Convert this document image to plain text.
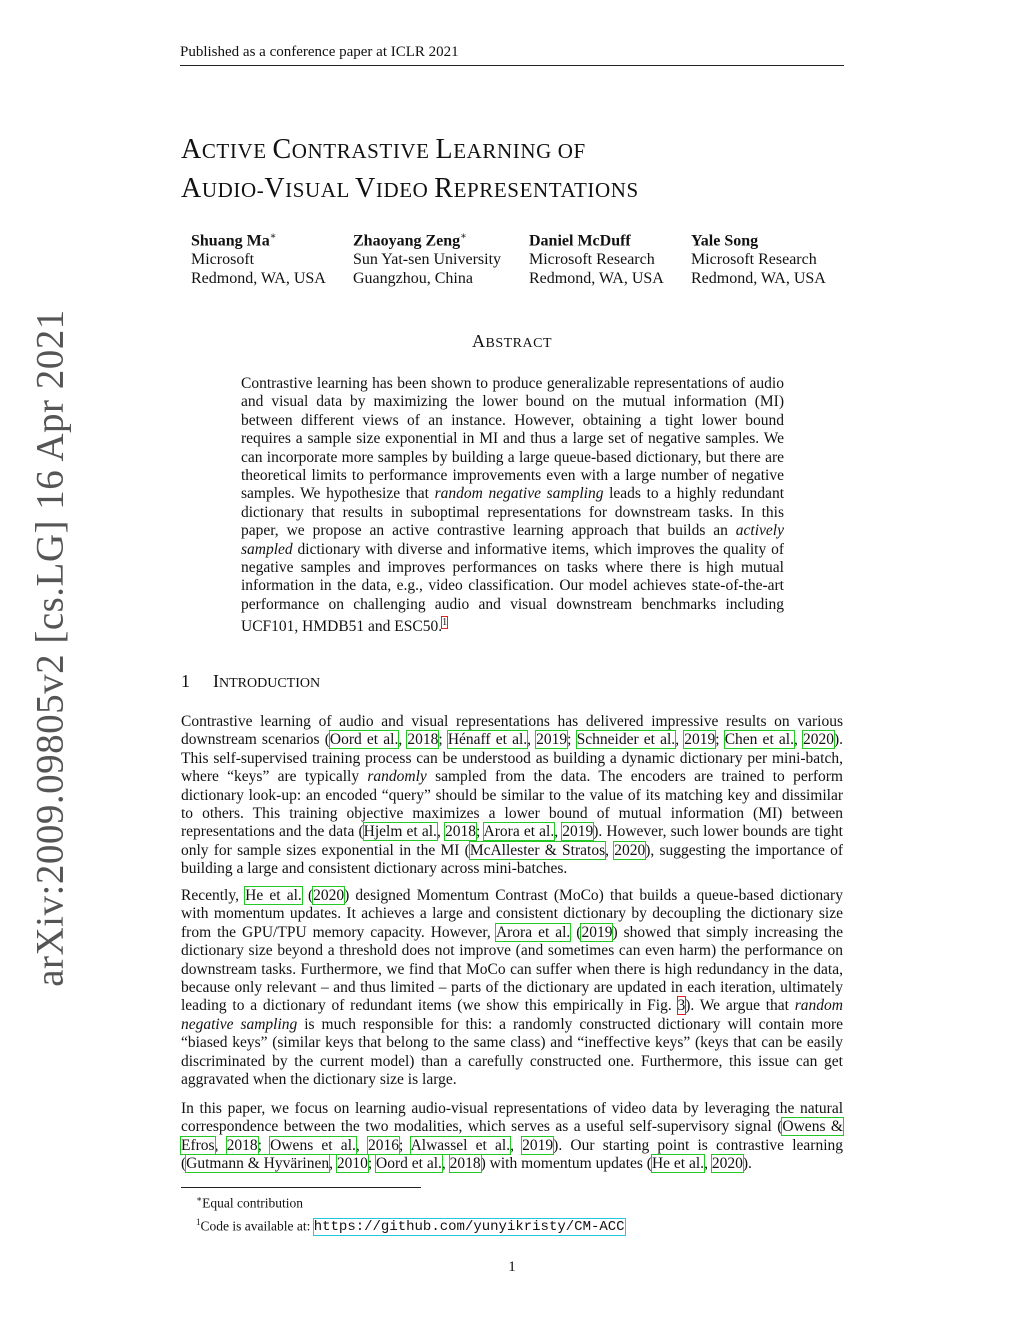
Published as a conference paper at ICLR 2021
arXiv:2009.09805v2 [cs.LG] 16 Apr 2021
ACTIVE CONTRASTIVE LEARNING OF
AUDIO-VISUAL VIDEO REPRESENTATIONS
Shuang Ma∗
Microsoft
Redmond, WA, USA
Zhaoyang Zeng∗
Sun Yat-sen University
Guangzhou, China
Daniel McDuff
Microsoft Research
Redmond, WA, USA
Yale Song
Microsoft Research
Redmond, WA, USA
ABSTRACT
Contrastive learning has been shown to produce generalizable representations of audio and visual data by maximizing the lower bound on the mutual information (MI) between different views of an instance. However, obtaining a tight lower bound requires a sample size exponential in MI and thus a large set of negative samples. We can incorporate more samples by building a large queue-based dictionary, but there are theoretical limits to performance improvements even with a large number of negative samples. We hypothesize that random negative sampling leads to a highly redundant dictionary that results in suboptimal representations for downstream tasks. In this paper, we propose an active contrastive learning approach that builds an actively sampled dictionary with diverse and informative items, which improves the quality of negative samples and improves performances on tasks where there is high mutual information in the data, e.g., video classification. Our model achieves state-of-the-art performance on challenging audio and visual downstream benchmarks including UCF101, HMDB51 and ESC50.$^1$
1 INTRODUCTION
Contrastive learning of audio and visual representations has delivered impressive results on various downstream scenarios (Oord et al., 2018; Hénaff et al., 2019; Schneider et al., 2019; Chen et al., 2020). This self-supervised training process can be understood as building a dynamic dictionary per mini-batch, where “keys” are typically randomly sampled from the data. The encoders are trained to perform dictionary look-up: an encoded “query” should be similar to the value of its matching key and dissimilar to others. This training objective maximizes a lower bound of mutual information (MI) between representations and the data (Hjelm et al., 2018; Arora et al., 2019). However, such lower bounds are tight only for sample sizes exponential in the MI (McAllester & Stratos, 2020), suggesting the importance of building a large and consistent dictionary across mini-batches.
Recently, He et al. (2020) designed Momentum Contrast (MoCo) that builds a queue-based dictionary with momentum updates. It achieves a large and consistent dictionary by decoupling the dictionary size from the GPU/TPU memory capacity. However, Arora et al. (2019) showed that simply increasing the dictionary size beyond a threshold does not improve (and sometimes can even harm) the performance on downstream tasks. Furthermore, we find that MoCo can suffer when there is high redundancy in the data, because only relevant – and thus limited – parts of the dictionary are updated in each iteration, ultimately leading to a dictionary of redundant items (we show this empirically in Fig. 3). We argue that random negative sampling is much responsible for this: a randomly constructed dictionary will contain more “biased keys” (similar keys that belong to the same class) and “ineffective keys” (keys that can be easily discriminated by the current model) than a carefully constructed one. Furthermore, this issue can get aggravated when the dictionary size is large.
In this paper, we focus on learning audio-visual representations of video data by leveraging the natural correspondence between the two modalities, which serves as a useful self-supervisory signal (Owens & Efros, 2018; Owens et al., 2016; Alwassel et al., 2019). Our starting point is contrastive learning (Gutmann & Hyvärinen, 2010; Oord et al., 2018) with momentum updates (He et al., 2020).
∗Equal contribution
$^1$Code is available at: https://github.com/yunyikristy/CM-ACC
1
